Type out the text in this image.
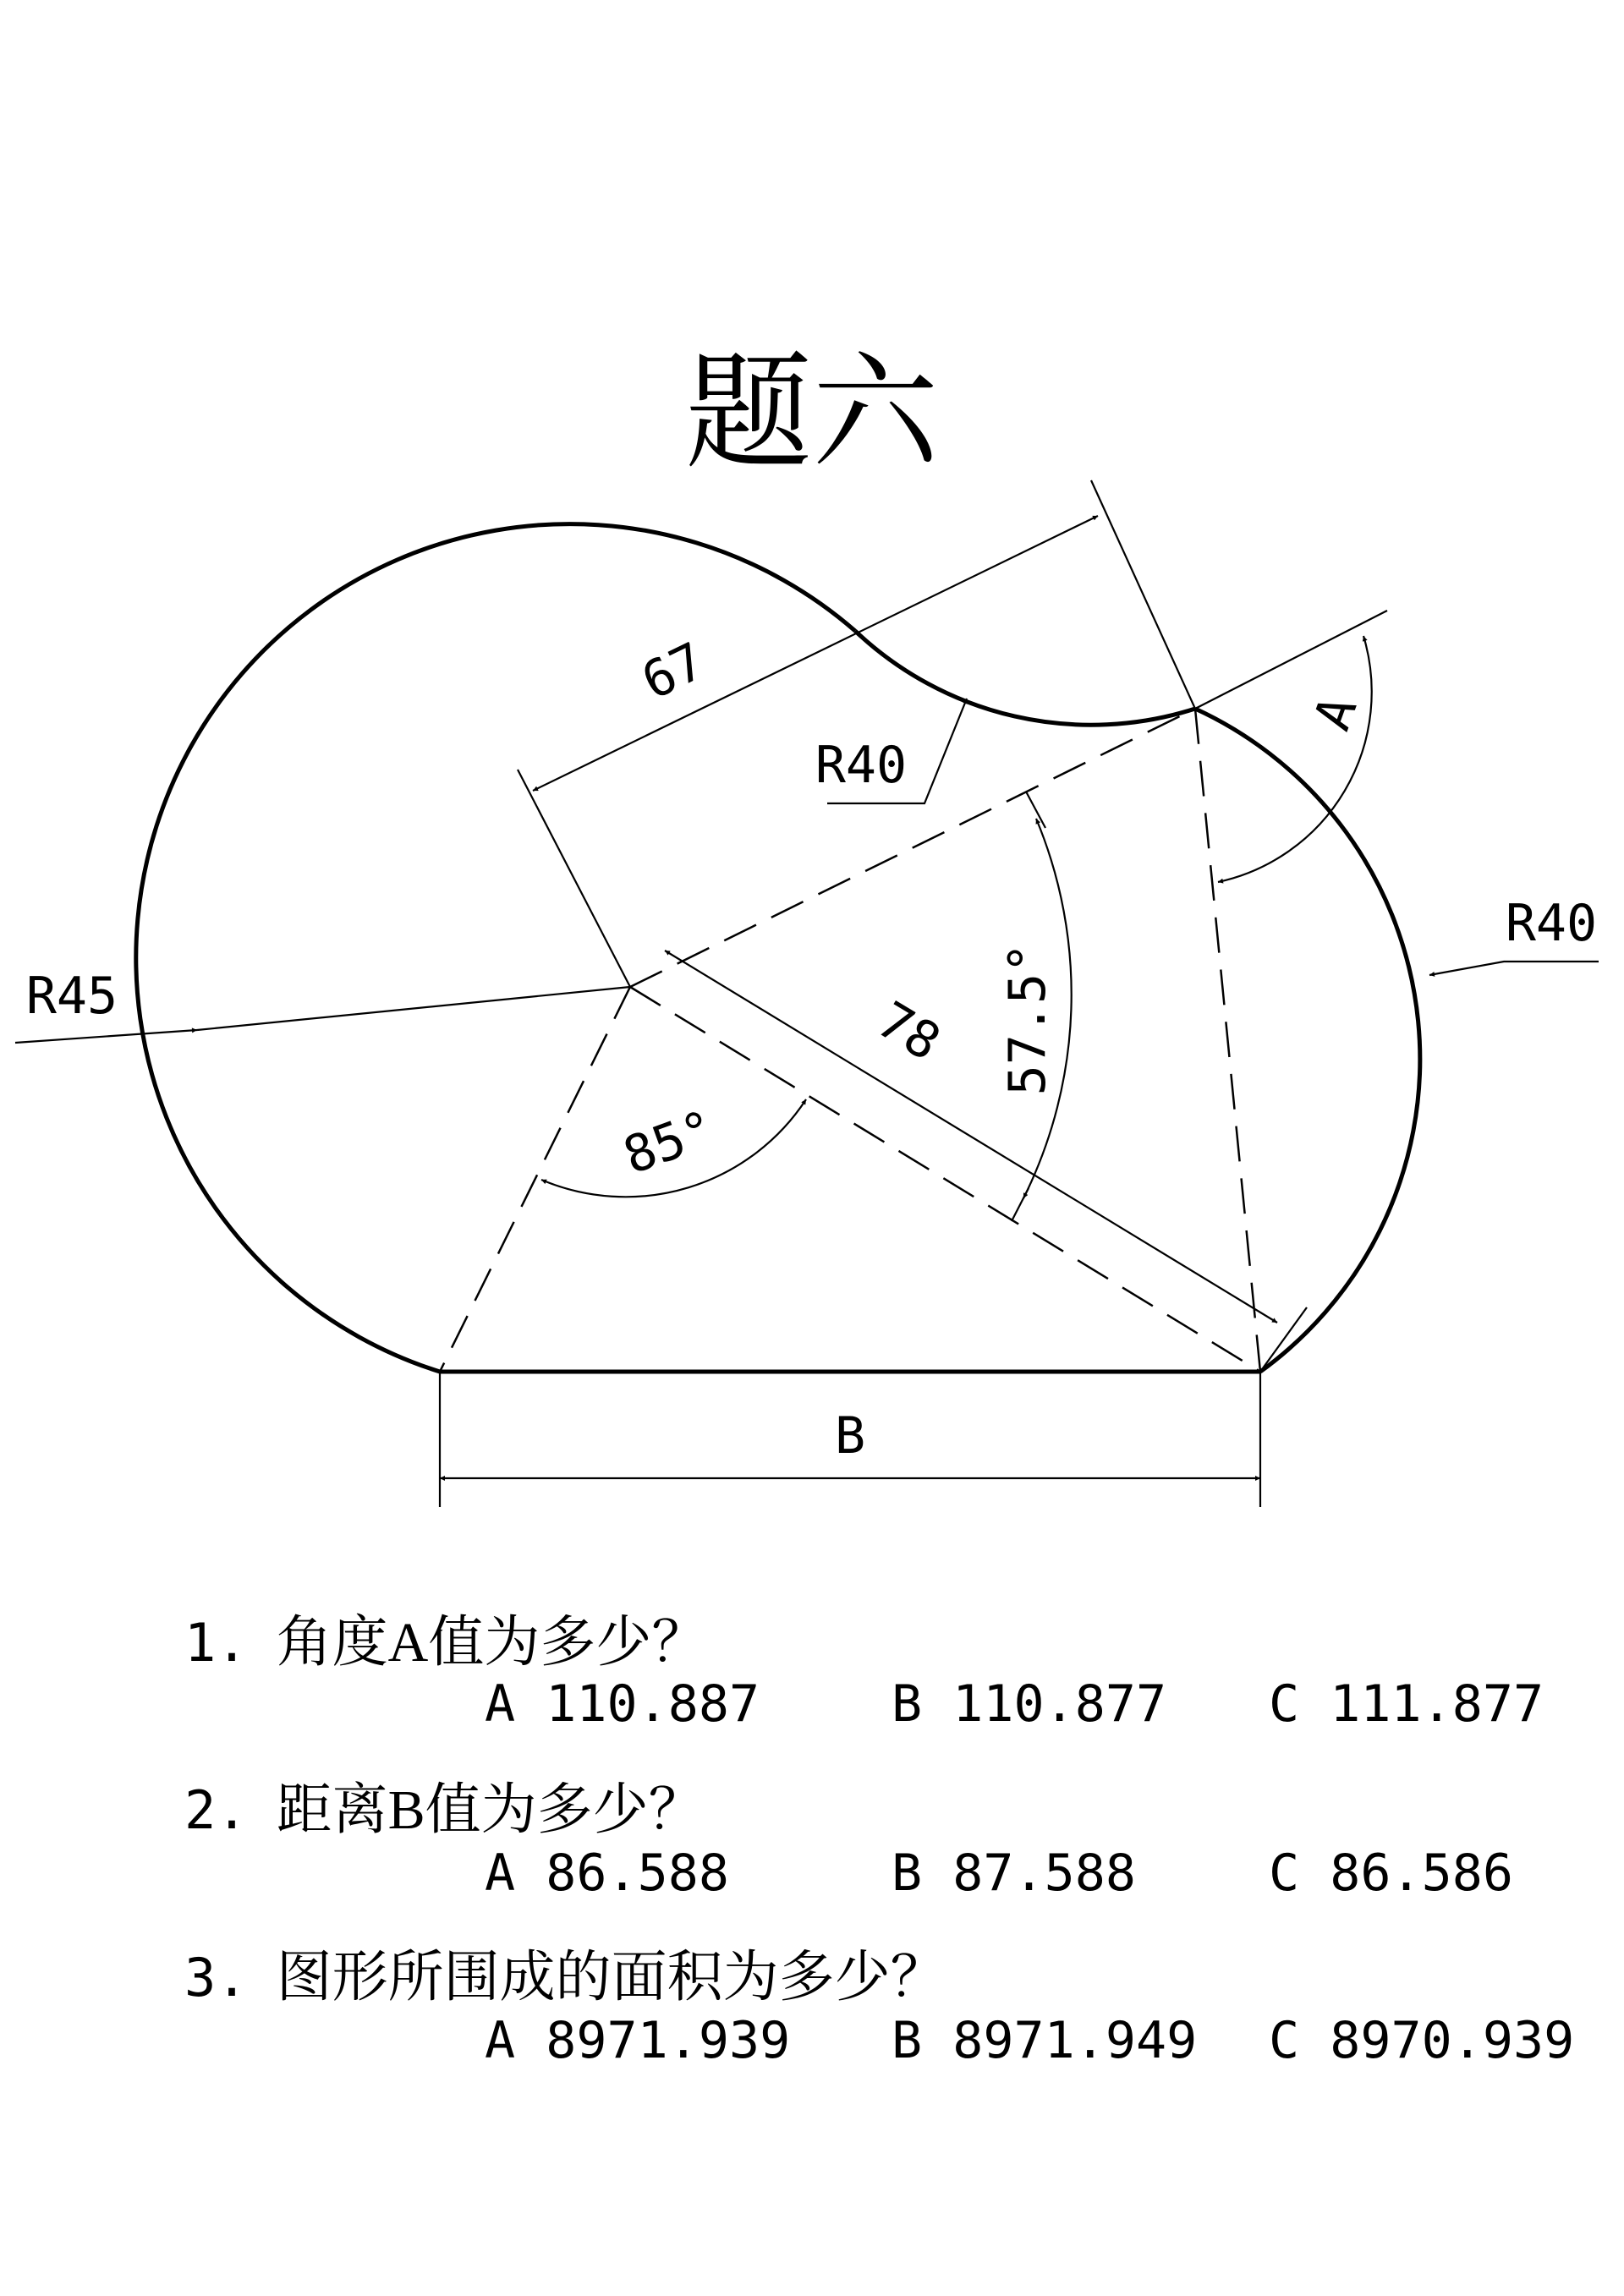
题六
67
R40
A
R40
R45	78 57.5°
85°
B
1. 角度A值为多少？
A 110.887	B 110.877 C 111.877
2. 距离B值为多少？
A 86.588	B 87.588	C 86.586
3. 图形所围成的面积为多少？
A 8971.939 B 8971.949 C 8970.939
